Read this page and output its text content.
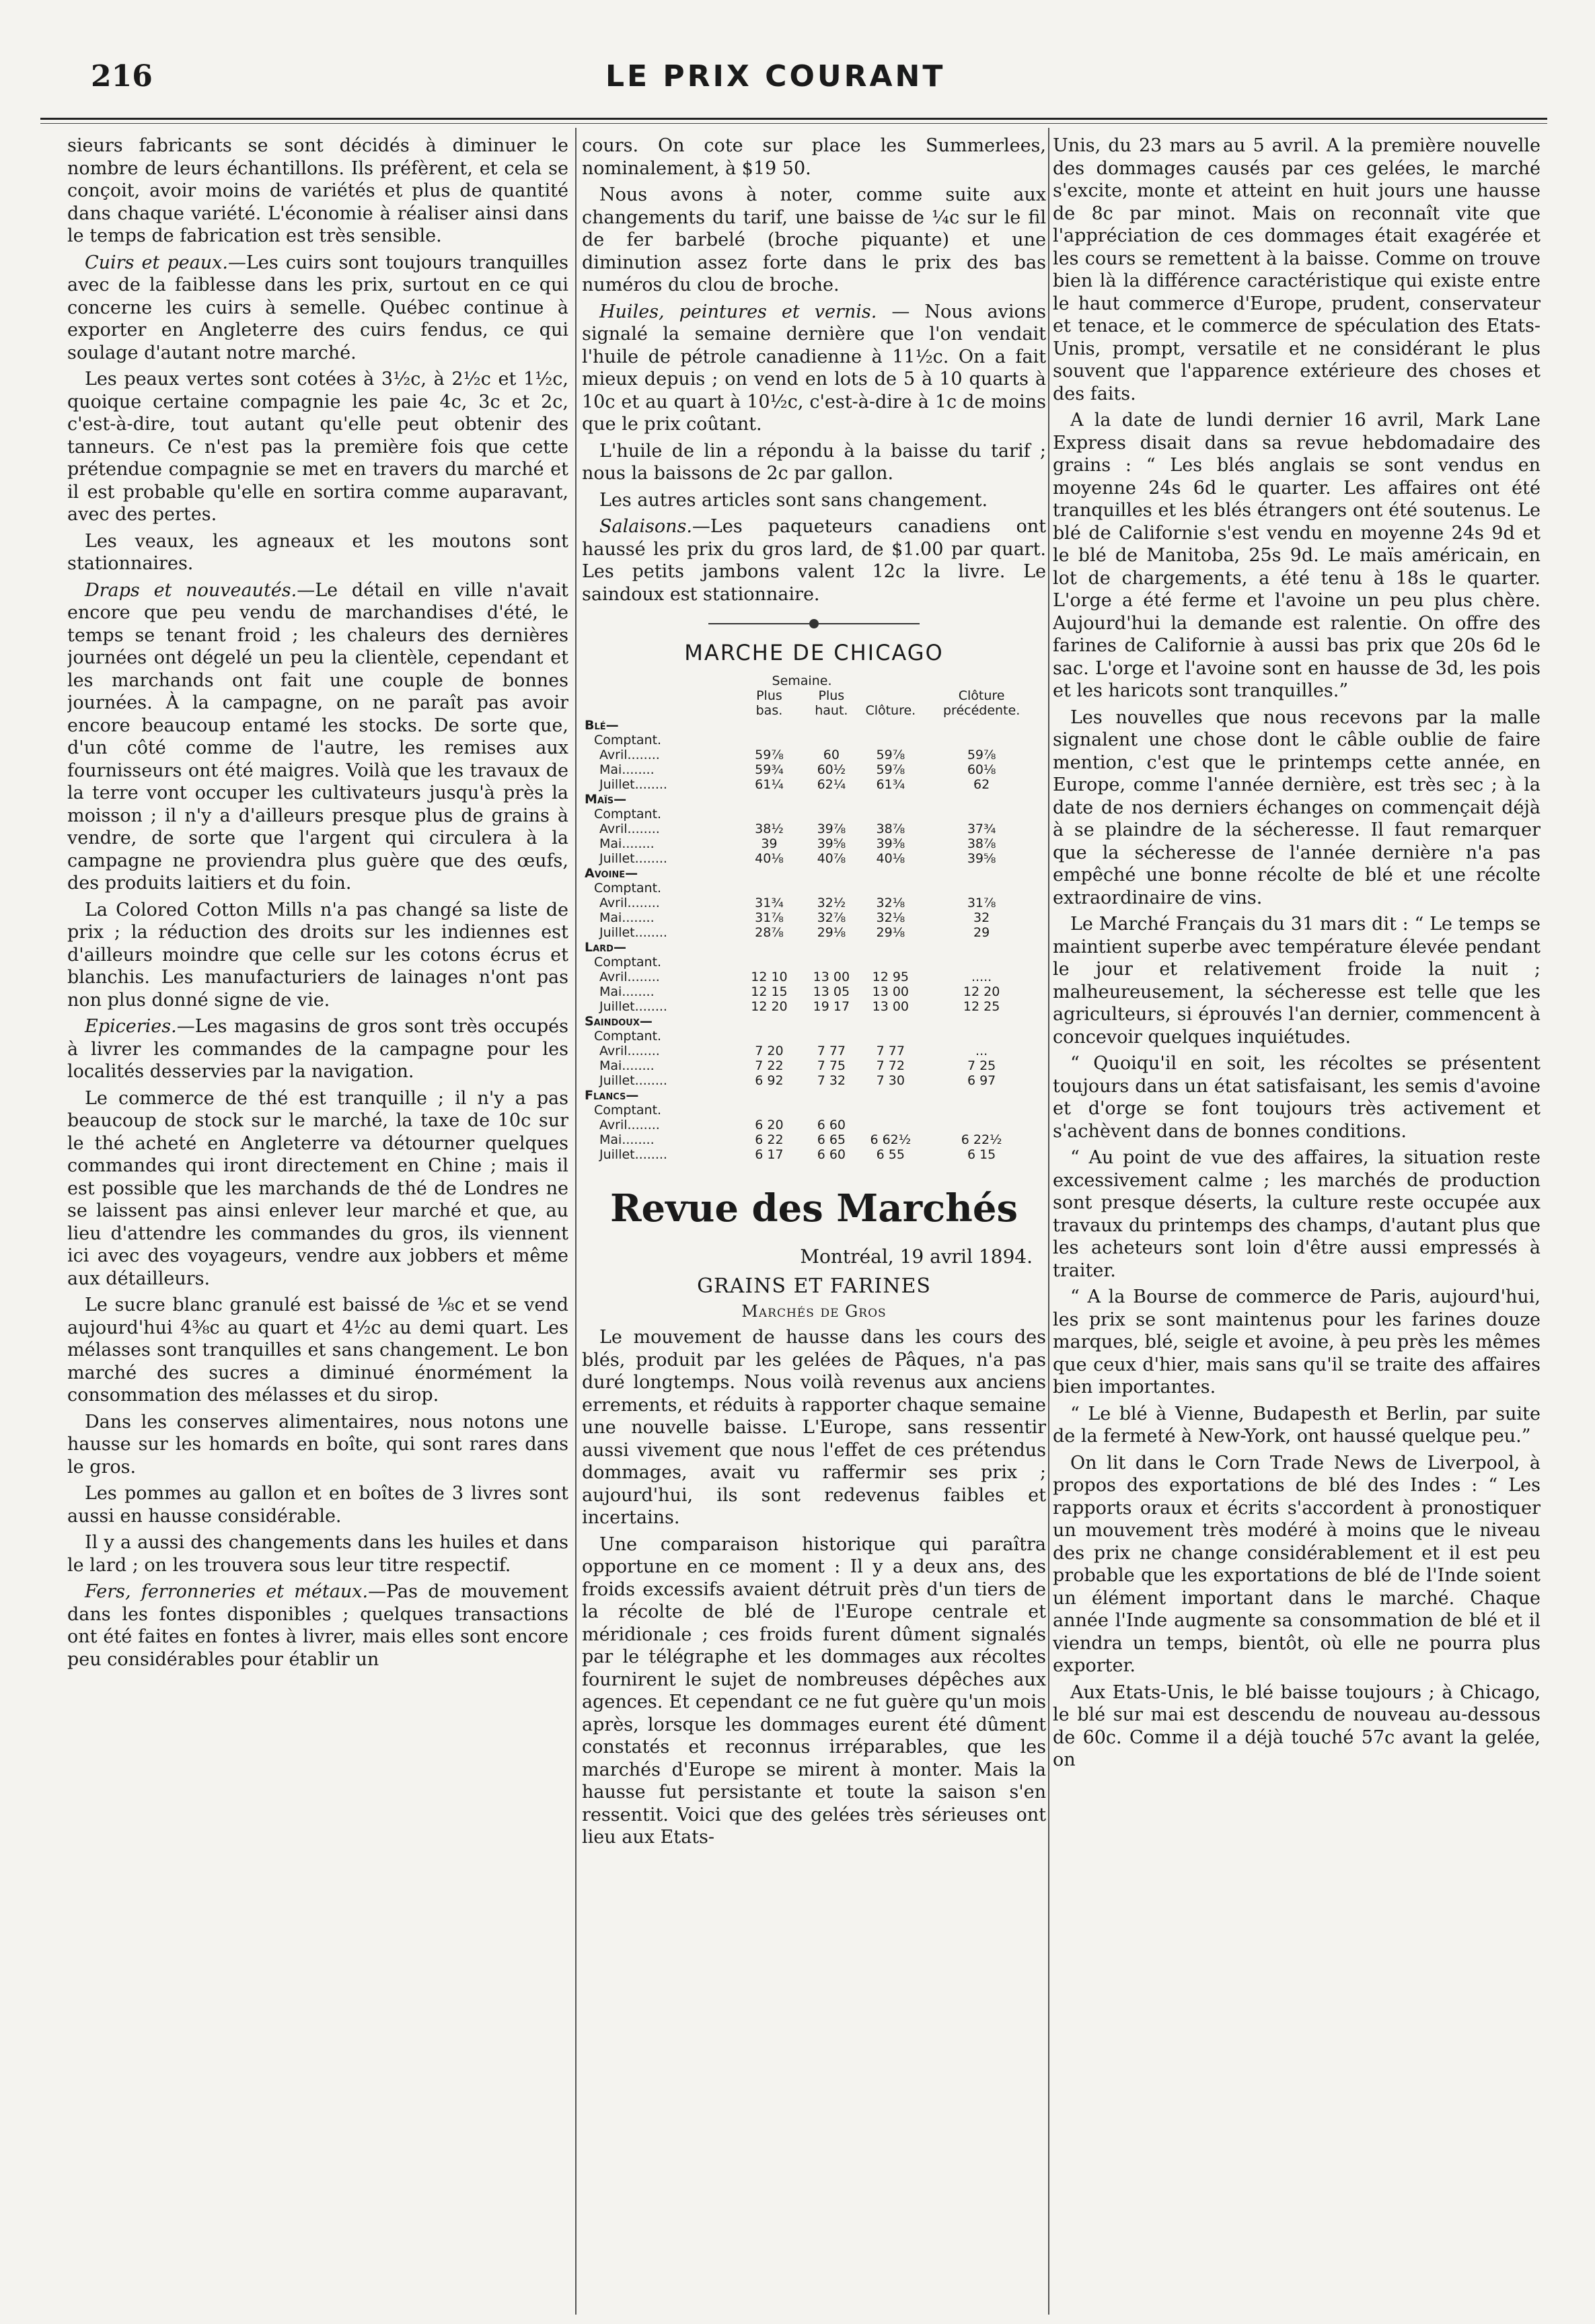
216	LE PRIX COURANT

sieurs fabricants se sont décidés à diminuer le nombre de leurs échantillons. Ils préfèrent, et cela se conçoit, avoir moins de variétés et plus de quantité dans chaque variété. L'économie à réaliser ainsi dans le temps de fabrication est très sensible.

Cuirs et peaux.—Les cuirs sont toujours tranquilles avec de la faiblesse dans les prix, surtout en ce qui concerne les cuirs à semelle. Québec continue à exporter en Angleterre des cuirs fendus, ce qui soulage d'autant notre marché.

Les peaux vertes sont cotées à 3½c, à 2½c et 1½c, quoique certaine compagnie les paie 4c, 3c et 2c, c'est-à-dire, tout autant qu'elle peut obtenir des tanneurs. Ce n'est pas la première fois que cette prétendue compagnie se met en travers du marché et il est probable qu'elle en sortira comme auparavant, avec des pertes.

Les veaux, les agneaux et les moutons sont stationnaires.

Draps et nouveautés.—Le détail en ville n'avait encore que peu vendu de marchandises d'été, le temps se tenant froid ; les chaleurs des dernières journées ont dégelé un peu la clientèle, cependant et les marchands ont fait une couple de bonnes journées. À la campagne, on ne paraît pas avoir encore beaucoup entamé les stocks. De sorte que, d'un côté comme de l'autre, les remises aux fournisseurs ont été maigres. Voilà que les travaux de la terre vont occuper les cultivateurs jusqu'à près la moisson ; il n'y a d'ailleurs presque plus de grains à vendre, de sorte que l'argent qui circulera à la campagne ne proviendra plus guère que des œufs, des produits laitiers et du foin.

La Colored Cotton Mills n'a pas changé sa liste de prix ; la réduction des droits sur les indiennes est d'ailleurs moindre que celle sur les cotons écrus et blanchis. Les manufacturiers de lainages n'ont pas non plus donné signe de vie.

Epiceries.—Les magasins de gros sont très occupés à livrer les commandes de la campagne pour les localités desservies par la navigation.

Le commerce de thé est tranquille ; il n'y a pas beaucoup de stock sur le marché, la taxe de 10c sur le thé acheté en Angleterre va détourner quelques commandes qui iront directement en Chine ; mais il est possible que les marchands de thé de Londres ne se laissent pas ainsi enlever leur marché et que, au lieu d'attendre les commandes du gros, ils viennent ici avec des voyageurs, vendre aux jobbers et même aux détailleurs.

Le sucre blanc granulé est baissé de ⅛c et se vend aujourd'hui 4⅜c au quart et 4½c au demi quart. Les mélasses sont tranquilles et sans changement. Le bon marché des sucres a diminué énormément la consommation des mélasses et du sirop.

Dans les conserves alimentaires, nous notons une hausse sur les homards en boîte, qui sont rares dans le gros.

Les pommes au gallon et en boîtes de 3 livres sont aussi en hausse considérable.

Il y a aussi des changements dans les huiles et dans le lard ; on les trouvera sous leur titre respectif.

Fers, ferronneries et métaux.—Pas de mouvement dans les fontes disponibles ; quelques transactions ont été faites en fontes à livrer, mais elles sont encore peu considérables pour établir un

cours. On cote sur place les Summerlees, nominalement, à $19 50.

Nous avons à noter, comme suite aux changements du tarif, une baisse de ¼c sur le fil de fer barbelé (broche piquante) et une diminution assez forte dans le prix des bas numéros du clou de broche.

Huiles, peintures et vernis. — Nous avions signalé la semaine dernière que l'on vendait l'huile de pétrole canadienne à 11½c. On a fait mieux depuis ; on vend en lots de 5 à 10 quarts à 10c et au quart à 10½c, c'est-à-dire à 1c de moins que le prix coûtant.

L'huile de lin a répondu à la baisse du tarif ; nous la baissons de 2c par gallon.

Les autres articles sont sans changement.

Salaisons.—Les paqueteurs canadiens ont haussé les prix du gros lard, de $1.00 par quart. Les petits jambons valent 12c la livre. Le saindoux est stationnaire.

MARCHE DE CHICAGO
	Semaine.			
	Plus bas.	Plus haut.	Clôture.	Clôture précédente.
Blé—				
Comptant.				
Avril........	59⅞	60	59⅞	59⅞
Mai........	59¾	60½	59⅞	60⅛
Juillet........	61¼	62¼	61¾	62
Maïs—				
Comptant.				
Avril........	38½	39⅞	38⅞	37¾
Mai........	39	39⅝	39⅜	38⅞
Juillet........	40⅛	40⅞	40⅛	39⅝
Avoine—				
Comptant.				
Avril........	31¾	32½	32⅛	31⅞
Mai........	31⅞	32⅞	32⅛	32
Juillet........	28⅞	29⅛	29⅛	29
Lard—				
Comptant.				
Avril........	12 10	13 00	12 95	.....
Mai........	12 15	13 05	13 00	12 20
Juillet........	12 20	19 17	13 00	12 25
Saindoux—				
Comptant.				
Avril........	7 20	7 77	7 77	...
Mai........	7 22	7 75	7 72	7 25
Juillet........	6 92	7 32	7 30	6 97
Flancs—				
Comptant.				
Avril........	6 20	6 60		
Mai........	6 22	6 65	6 62½	6 22½
Juillet........	6 17	6 60	6 55	6 15
Revue des Marchés
Montréal, 19 avril 1894.
GRAINS ET FARINES
Marchés de Gros

Le mouvement de hausse dans les cours des blés, produit par les gelées de Pâques, n'a pas duré longtemps. Nous voilà revenus aux anciens errements, et réduits à rapporter chaque semaine une nouvelle baisse. L'Europe, sans ressentir aussi vivement que nous l'effet de ces prétendus dommages, avait vu raffermir ses prix ; aujourd'hui, ils sont redevenus faibles et incertains.

Une comparaison historique qui paraîtra opportune en ce moment : Il y a deux ans, des froids excessifs avaient détruit près d'un tiers de la récolte de blé de l'Europe centrale et méridionale ; ces froids furent dûment signalés par le télégraphe et les dommages aux récoltes fournirent le sujet de nombreuses dépêches aux agences. Et cependant ce ne fut guère qu'un mois après, lorsque les dommages eurent été dûment constatés et reconnus irréparables, que les marchés d'Europe se mirent à monter. Mais la hausse fut persistante et toute la saison s'en ressentit. Voici que des gelées très sérieuses ont lieu aux Etats-

Unis, du 23 mars au 5 avril. A la première nouvelle des dommages causés par ces gelées, le marché s'excite, monte et atteint en huit jours une hausse de 8c par minot. Mais on reconnaît vite que l'appréciation de ces dommages était exagérée et les cours se remettent à la baisse. Comme on trouve bien là la différence caractéristique qui existe entre le haut commerce d'Europe, prudent, conservateur et tenace, et le commerce de spéculation des Etats-Unis, prompt, versatile et ne considérant le plus souvent que l'apparence extérieure des choses et des faits.

A la date de lundi dernier 16 avril, Mark Lane Express disait dans sa revue hebdomadaire des grains : “ Les blés anglais se sont vendus en moyenne 24s 6d le quarter. Les affaires ont été tranquilles et les blés étrangers ont été soutenus. Le blé de Californie s'est vendu en moyenne 24s 9d et le blé de Manitoba, 25s 9d. Le maïs américain, en lot de chargements, a été tenu à 18s le quarter. L'orge a été ferme et l'avoine un peu plus chère. Aujourd'hui la demande est ralentie. On offre des farines de Californie à aussi bas prix que 20s 6d le sac. L'orge et l'avoine sont en hausse de 3d, les pois et les haricots sont tranquilles.”

Les nouvelles que nous recevons par la malle signalent une chose dont le câble oublie de faire mention, c'est que le printemps cette année, en Europe, comme l'année dernière, est très sec ; à la date de nos derniers échanges on commençait déjà à se plaindre de la sécheresse. Il faut remarquer que la sécheresse de l'année dernière n'a pas empêché une bonne récolte de blé et une récolte extraordinaire de vins.

Le Marché Français du 31 mars dit : “ Le temps se maintient superbe avec température élevée pendant le jour et relativement froide la nuit ; malheureusement, la sécheresse est telle que les agriculteurs, si éprouvés l'an dernier, commencent à concevoir quelques inquiétudes.

“ Quoiqu'il en soit, les récoltes se présentent toujours dans un état satisfaisant, les semis d'avoine et d'orge se font toujours très activement et s'achèvent dans de bonnes conditions.

“ Au point de vue des affaires, la situation reste excessivement calme ; les marchés de production sont presque déserts, la culture reste occupée aux travaux du printemps des champs, d'autant plus que les acheteurs sont loin d'être aussi empressés à traiter.

“ A la Bourse de commerce de Paris, aujourd'hui, les prix se sont maintenus pour les farines douze marques, blé, seigle et avoine, à peu près les mêmes que ceux d'hier, mais sans qu'il se traite des affaires bien importantes.

“ Le blé à Vienne, Budapesth et Berlin, par suite de la fermeté à New-York, ont haussé quelque peu.”

On lit dans le Corn Trade News de Liverpool, à propos des exportations de blé des Indes : “ Les rapports oraux et écrits s'accordent à pronostiquer un mouvement très modéré à moins que le niveau des prix ne change considérablement et il est peu probable que les exportations de blé de l'Inde soient un élément important dans le marché. Chaque année l'Inde augmente sa consommation de blé et il viendra un temps, bientôt, où elle ne pourra plus exporter.

Aux Etats-Unis, le blé baisse toujours ; à Chicago, le blé sur mai est descendu de nouveau au-dessous de 60c. Comme il a déjà touché 57c avant la gelée, on
